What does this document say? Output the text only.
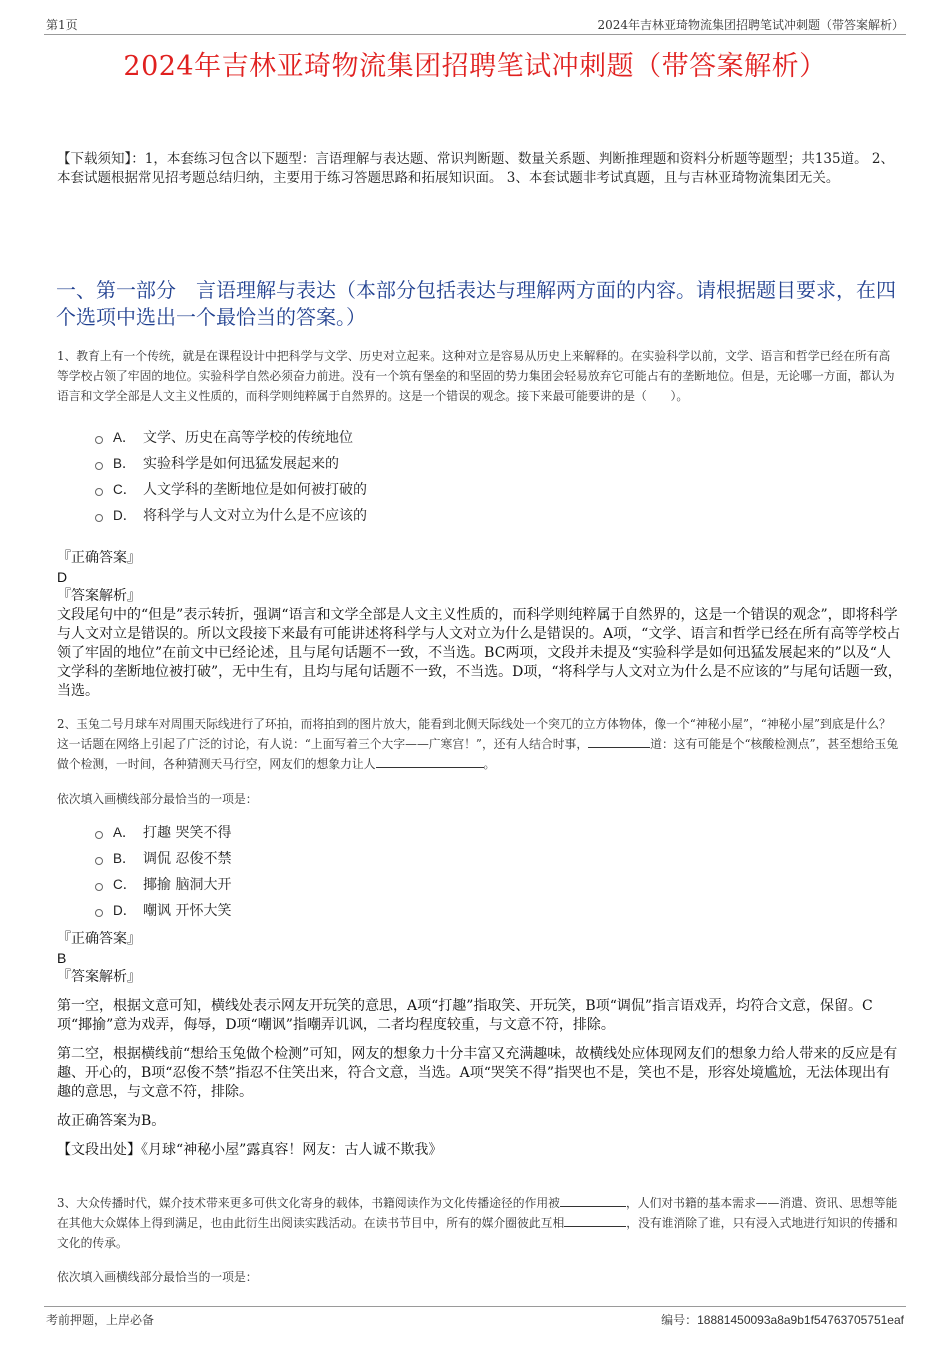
第1页	2024年吉林亚琦物流集团招聘笔试冲刺题（带答案解析）
2024年吉林亚琦物流集团招聘笔试冲刺题（带答案解析）
【下载须知】：1，本套练习包含以下题型：言语理解与表达题、常识判断题、数量关系题、判断推理题和资料分析题等题型；共135道。 2、本套试题根据常见招考题总结归纳，主要用于练习答题思路和拓展知识面。 3、本套试题非考试真题，且与吉林亚琦物流集团无关。
一、第一部分　言语理解与表达（本部分包括表达与理解两方面的内容。请根据题目要求，在四个选项中选出一个最恰当的答案。）
1、教育上有一个传统，就是在课程设计中把科学与文学、历史对立起来。这种对立是容易从历史上来解释的。在实验科学以前，文学、语言和哲学已经在所有高等学校占领了牢固的地位。实验科学自然必须奋力前进。没有一个筑有堡垒的和坚固的势力集团会轻易放弃它可能占有的垄断地位。但是，无论哪一方面，都认为语言和文学全部是人文主义性质的，而科学则纯粹属于自然界的。这是一个错误的观念。接下来最可能要讲的是（　　）。
A． 文学、历史在高等学校的传统地位
B． 实验科学是如何迅猛发展起来的
C． 人文学科的垄断地位是如何被打破的
D． 将科学与人文对立为什么是不应该的
『正确答案』
D
『答案解析』
文段尾句中的“但是”表示转折，强调“语言和文学全部是人文主义性质的，而科学则纯粹属于自然界的，这是一个错误的观念”，即将科学与人文对立是错误的。所以文段接下来最有可能讲述将科学与人文对立为什么是错误的。A项，“文学、语言和哲学已经在所有高等学校占领了牢固的地位”在前文中已经论述，且与尾句话题不一致，不当选。BC两项，文段并未提及“实验科学是如何迅猛发展起来的”以及“人文学科的垄断地位被打破”，无中生有，且均与尾句话题不一致，不当选。D项，“将科学与人文对立为什么是不应该的”与尾句话题一致，当选。
2、玉兔二号月球车对周围天际线进行了环拍，而将拍到的图片放大，能看到北侧天际线处一个突兀的立方体物体，像一个“神秘小屋”，“神秘小屋”到底是什么？这一话题在网络上引起了广泛的讨论，有人说：“上面写着三个大字——广寒宫！”，还有人结合时事，	道：这有可能是个“核酸检测点”，甚至想给玉兔做个检测，一时间，各种猜测天马行空，网友们的想象力让人	。
依次填入画横线部分最恰当的一项是：
A． 打趣 哭笑不得
B． 调侃 忍俊不禁
C． 揶揄 脑洞大开
D． 嘲讽 开怀大笑
『正确答案』
B
『答案解析』
第一空，根据文意可知，横线处表示网友开玩笑的意思，A项“打趣”指取笑、开玩笑，B项“调侃”指言语戏弄，均符合文意，保留。C项“揶揄”意为戏弄，侮辱，D项“嘲讽”指嘲弄讥讽，二者均程度较重，与文意不符，排除。
第二空，根据横线前“想给玉兔做个检测”可知，网友的想象力十分丰富又充满趣味，故横线处应体现网友们的想象力给人带来的反应是有趣、开心的，B项“忍俊不禁”指忍不住笑出来，符合文意，当选。A项“哭笑不得”指哭也不是，笑也不是，形容处境尴尬，无法体现出有趣的意思，与文意不符，排除。
故正确答案为B。
【文段出处】《月球“神秘小屋”露真容！网友：古人诚不欺我》
3、大众传播时代，媒介技术带来更多可供文化寄身的载体，书籍阅读作为文化传播途径的作用被	，人们对书籍的基本需求——消遣、资讯、思想等能在其他大众媒体上得到满足，也由此衍生出阅读实践活动。在读书节目中，所有的媒介圈彼此互相	，没有谁消除了谁，只有浸入式地进行知识的传播和文化的传承。
依次填入画横线部分最恰当的一项是：
考前押题，上岸必备	编号：18881450093a8a9b1f54763705751eaf
